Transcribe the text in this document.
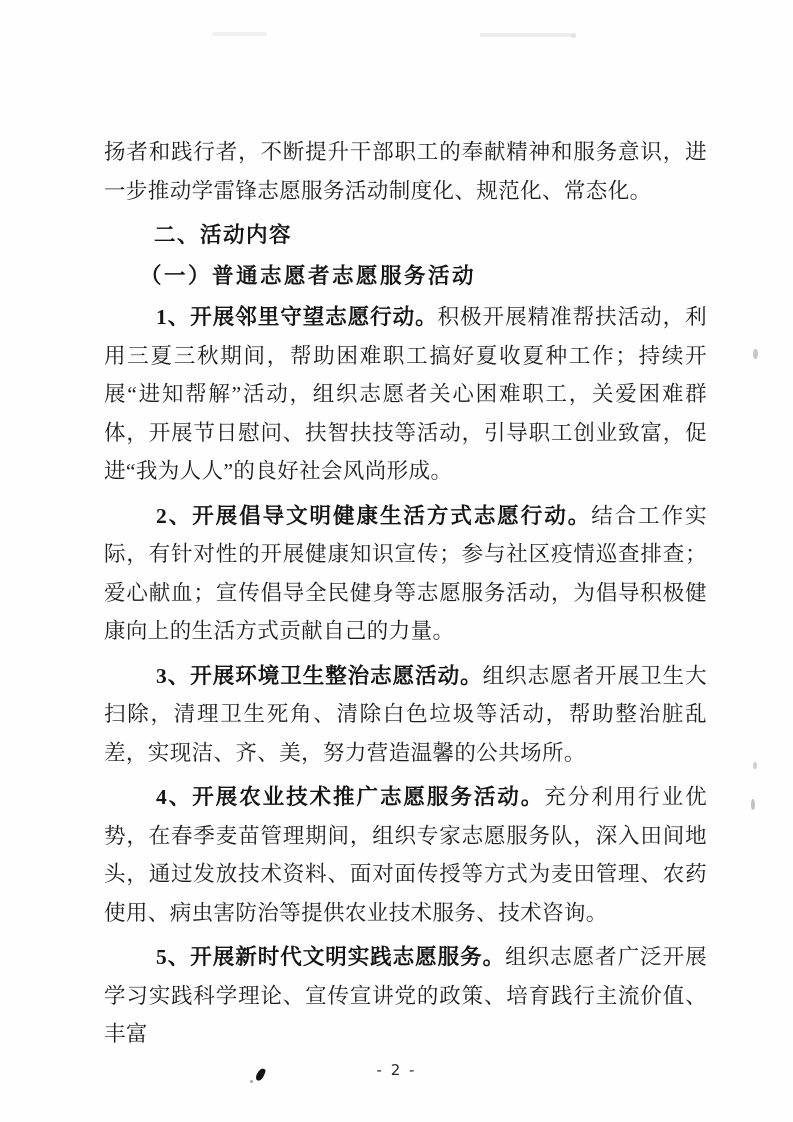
扬者和践行者，不断提升干部职工的奉献精神和服务意识，进一步推动学雷锋志愿服务活动制度化、规范化、常态化。

二、活动内容

（一）普通志愿者志愿服务活动

1、开展邻里守望志愿行动。积极开展精准帮扶活动，利用三夏三秋期间，帮助困难职工搞好夏收夏种工作；持续开展“进知帮解”活动，组织志愿者关心困难职工，关爱困难群体，开展节日慰问、扶智扶技等活动，引导职工创业致富，促进“我为人人”的良好社会风尚形成。

2、开展倡导文明健康生活方式志愿行动。结合工作实际，有针对性的开展健康知识宣传；参与社区疫情巡查排查；爱心献血；宣传倡导全民健身等志愿服务活动，为倡导积极健康向上的生活方式贡献自己的力量。

3、开展环境卫生整治志愿活动。组织志愿者开展卫生大扫除，清理卫生死角、清除白色垃圾等活动，帮助整治脏乱差，实现洁、齐、美，努力营造温馨的公共场所。

4、开展农业技术推广志愿服务活动。充分利用行业优势，在春季麦苗管理期间，组织专家志愿服务队，深入田间地头，通过发放技术资料、面对面传授等方式为麦田管理、农药使用、病虫害防治等提供农业技术服务、技术咨询。

5、开展新时代文明实践志愿服务。组织志愿者广泛开展学习实践科学理论、宣传宣讲党的政策、培育践行主流价值、丰富

- 2 -
